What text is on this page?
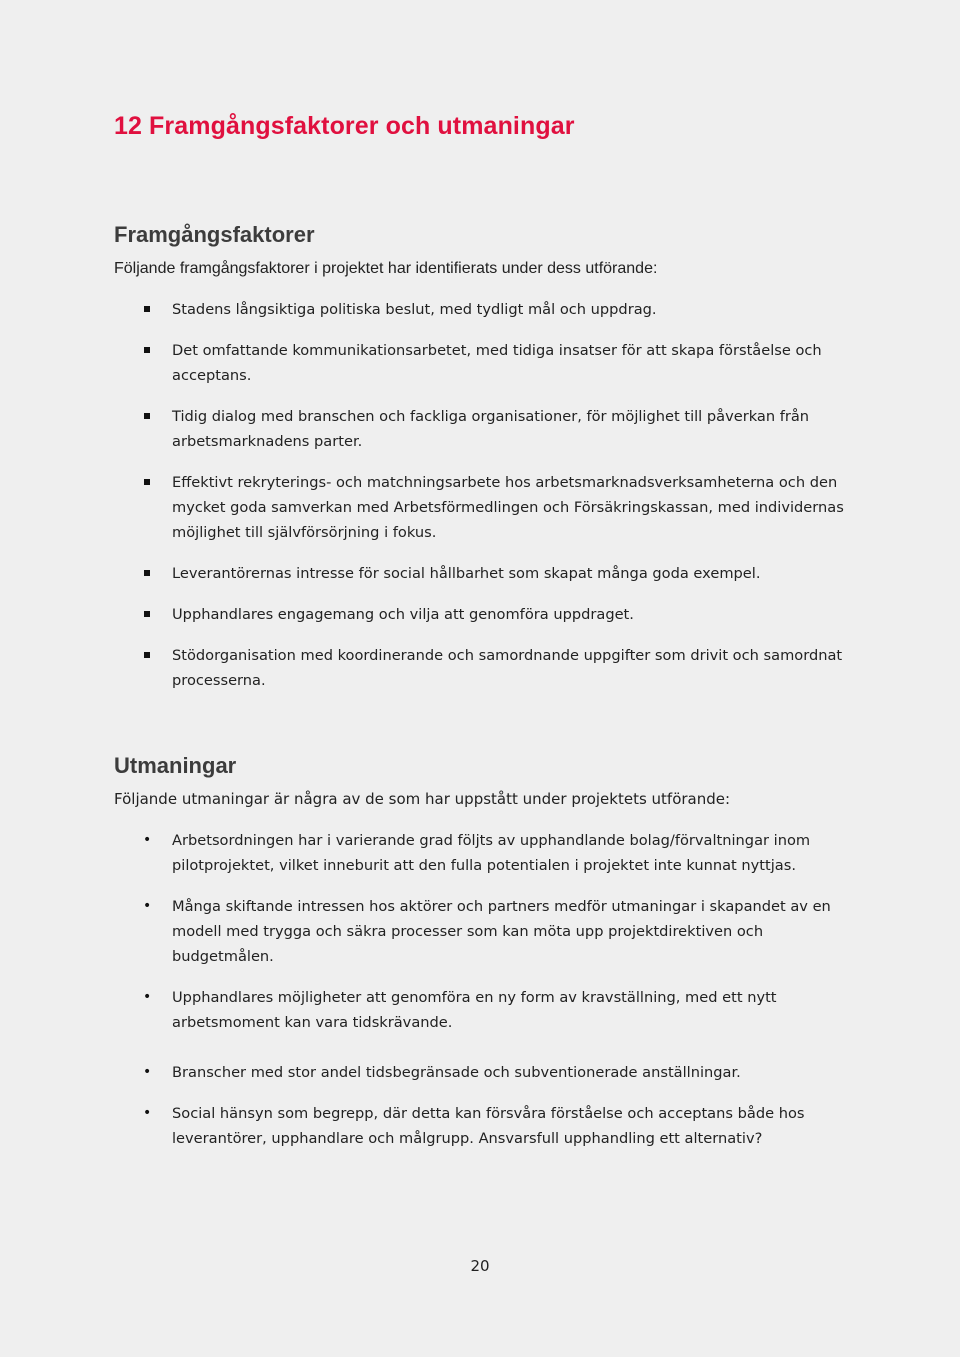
12 Framgångsfaktorer och utmaningar
Framgångsfaktorer

Följande framgångsfaktorer i projektet har identifierats under dess utförande:

Stadens långsiktiga politiska beslut, med tydligt mål och uppdrag.
Det omfattande kommunikationsarbetet, med tidiga insatser för att skapa förståelse och acceptans.
Tidig dialog med branschen och fackliga organisationer, för möjlighet till påverkan från arbetsmarknadens parter.
Effektivt rekryterings- och matchningsarbete hos arbetsmarknadsverksamheterna och den mycket goda samverkan med Arbetsförmedlingen och Försäkringskassan, med individernas möjlighet till självförsörjning i fokus.
Leverantörernas intresse för social hållbarhet som skapat många goda exempel.
Upphandlares engagemang och vilja att genomföra uppdraget.
Stödorganisation med koordinerande och samordnande uppgifter som drivit och samordnat processerna.
Utmaningar

Följande utmaningar är några av de som har uppstått under projektets utförande:

• Arbetsordningen har i varierande grad följts av upphandlande bolag/förvaltningar inom pilotprojektet, vilket inneburit att den fulla potentialen i projektet inte kunnat nyttjas.
• Många skiftande intressen hos aktörer och partners medför utmaningar i skapandet av en modell med trygga och säkra processer som kan möta upp projektdirektiven och budgetmålen.
• Upphandlares möjligheter att genomföra en ny form av kravställning, med ett nytt arbetsmoment kan vara tidskrävande.
• Branscher med stor andel tidsbegränsade och subventionerade anställningar.
• Social hänsyn som begrepp, där detta kan försvåra förståelse och acceptans både hos leverantörer, upphandlare och målgrupp. Ansvarsfull upphandling ett alternativ?
20
